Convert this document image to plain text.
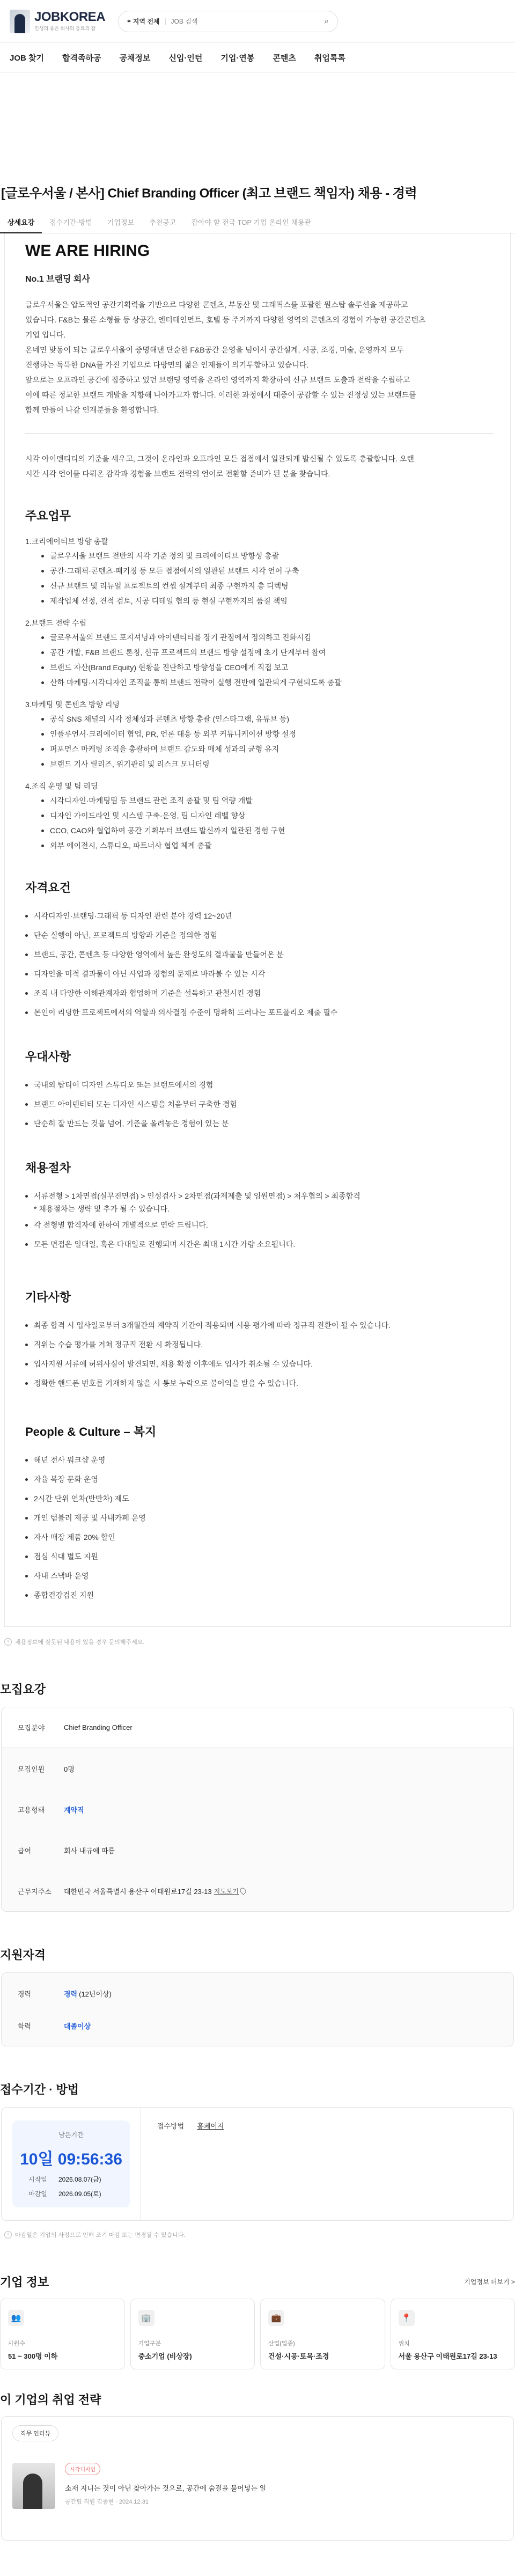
JOBKOREA
인생의 좋은 회사와 동료의 잡
⌖ 지역 전체
JOB 검색	⌕
JOB 찾기 합격족하공 공채정보 신입·인턴 기업·연봉 콘텐츠 취업톡톡
[글로우서울 / 본사] Chief Branding Officer (최고 브랜드 책임자) 채용 - 경력
상세요강	접수기간·방법	기업정보	추천공고	잡아야 할 전국 TOP 기업 온라인 채용관
WE ARE HIRING
No.1 브랜딩 회사
글로우서울은 압도적인 공간기획력을 기반으로 다양한 콘텐츠, 부동산 및 그래픽스를 포괄한 원스탑 솔루션을 제공하고
있습니다. F&B는 물론 소형들 등 상공간, 엔터테인먼트, 호텔 등 주거까지 다양한 영역의 콘텐츠의 경험이 가능한 공간콘텐츠
기업 입니다.
온네면 맞동이 되는 글로우서울이 증명해낸 단순한 F&B공간 운영을 넘어서 공간설계, 시공, 조경, 미술, 운영까지 모두
진행하는 독특한 DNA를 가진 기업으로 다방면의 젊은 인재들이 의기투합하고 있습니다.
앞으로는 오프라인 공간에 집중하고 있던 브랜딩 영역을 온라인 영역까지 확장하여 신규 브랜드 도출과 전략을 수립하고
이에 따른 정교한 브랜드 개발을 지향해 나아가고자 합니다. 이러한 과정에서 대중이 공감할 수 있는 진정성 있는 브랜드를
함께 만들어 나갈 인재분들을 환영합니다.
시각 아이덴티티의 기준을 세우고, 그것이 온라인과 오프라인 모든 접점에서 일관되게 발신될 수 있도록 총괄합니다. 오랜
시간 시각 언어를 다뤄온 감각과 경험을 브랜드 전략의 언어로 전환할 준비가 된 분을 찾습니다.
주요업무
1.크리에이티브 방향 총괄
글로우서울 브랜드 전반의 시각 기준 정의 및 크리에이티브 방향성 총괄
공간·그래픽·콘텐츠·패키징 등 모든 접점에서의 일관된 브랜드 시각 언어 구축
신규 브랜드 및 리뉴얼 프로젝트의 컨셉 설계부터 최종 구현까지 총 디렉팅
제작업체 선정, 견적 검토, 시공 디테일 협의 등 현실 구현까지의 품질 책임
2.브랜드 전략 수립
글로우서울의 브랜드 포지셔닝과 아이덴티티를 장기 관점에서 정의하고 진화시킴
공간 개발, F&B 브랜드 론칭, 신규 프로젝트의 브랜드 방향 설정에 초기 단계부터 참여
브랜드 자산(Brand Equity) 현황을 진단하고 방향성을 CEO에게 직접 보고
산하 마케팅·시각디자인 조직을 통해 브랜드 전략이 실행 전반에 일관되게 구현되도록 총괄
3.마케팅 및 콘텐츠 방향 리딩
공식 SNS 채널의 시각 정체성과 콘텐츠 방향 총괄 (인스타그램, 유튜브 등)
인플루언서·크리에이터 협업, PR, 언론 대응 등 외부 커뮤니케이션 방향 설정
퍼포먼스 마케팅 조직을 총괄하며 브랜드 감도와 매체 성과의 균형 유지
브랜드 기사 릴리즈, 위기관리 및 리스크 모니터링
4.조직 운영 및 팀 리딩
시각디자인·마케팅팀 등 브랜드 관련 조직 총괄 및 팀 역량 개발
디자인 가이드라인 및 시스템 구축·운영, 팀 디자인 레벨 향상
CCO, CAO와 협업하여 공간 기획부터 브랜드 발신까지 일관된 경험 구현
외부 에이전시, 스튜디오, 파트너사 협업 체계 총괄
자격요건
시각디자인·브랜딩·그래픽 등 디자인 관련 분야 경력 12~20년
단순 실행이 아닌, 프로젝트의 방향과 기준을 정의한 경험
브랜드, 공간, 콘텐츠 등 다양한 영역에서 높은 완성도의 결과물을 만들어온 분
디자인을 미적 결과물이 아닌 사업과 경험의 문제로 바라볼 수 있는 시각
조직 내 다양한 이해관계자와 협업하며 기준을 설득하고 관철시킨 경험
본인이 리딩한 프로젝트에서의 역할과 의사결정 수준이 명확히 드러나는 포트폴리오 제출 필수
우대사항
국내외 탑티어 디자인 스튜디오 또는 브랜드에서의 경험
브랜드 아이덴티티 또는 디자인 시스템을 처음부터 구축한 경험
단순히 잘 만드는 것을 넘어, 기준을 올려놓은 경험이 있는 분
채용절차
서류전형 > 1차면접(실무진면접) > 인성검사 > 2차면접(과제제출 및 임원면접) > 처우협의 > 최종합격
* 채용절차는 생략 및 추가 될 수 있습니다.
각 전형별 합격자에 한하여 개별적으로 연락 드립니다.
모든 면접은 일대일, 혹은 다대일로 진행되며 시간은 최대 1시간 가량 소요됩니다.
기타사항
최종 합격 시 입사일로부터 3개월간의 계약직 기간이 적용되며 시용 평가에 따라 정규직 전환이 될 수 있습니다.
직위는 수습 평가를 거쳐 정규직 전환 시 확정됩니다.
입사지원 서류에 허위사실이 발견되면, 채용 확정 이후에도 입사가 취소될 수 있습니다.
정확한 핸드폰 번호를 기재하지 않을 시 통보 누락으로 불이익을 받을 수 있습니다.
People & Culture – 복지
해년 전사 워크샵 운영
자율 복장 문화 운영
2시간 단위 연차(반반차) 제도
개인 텀블러 제공 및 사내카페 운영
자사 매장 제품 20% 할인
점심 식대 별도 지원
사내 스낵바 운영
종합건강검진 지원
!	채용정보에 잘못된 내용이 있을 경우 문의해주세요.
모집요강
모집분야	Chief Branding Officer
모집인원	0명
고용형태	계약직
급여	회사 내규에 따름
근무지주소	대한민국 서울특별시 용산구 이태원로17길 23-13 지도보기
지원자격
경력	경력 (12년이상)
학력	대졸이상
접수기간 · 방법
남은기간
10일 09:56:36
시작일	2026.08.07(금)
마감일	2026.09.05(토)
접수방법 홈페이지
!	마감일은 기업의 사정으로 인해 조기 마감 또는 변경될 수 있습니다.
기업 정보	기업정보 더보기 >
👥
사원수
51 ~ 300명 이하
🏢
기업구분
중소기업 (비상장)
💼
산업(업종)
건설·시공·토목·조경
📍
위치
서울 용산구 이태원로17길 23-13
이 기업의 취업 전략
직무 인터뷰
시각디자인
소재 지니는 것이 아닌 찾아가는 것으로, 공간에 숨결을 불어넣는 일
공간팀 직원 김종현 · 2024.12.31
